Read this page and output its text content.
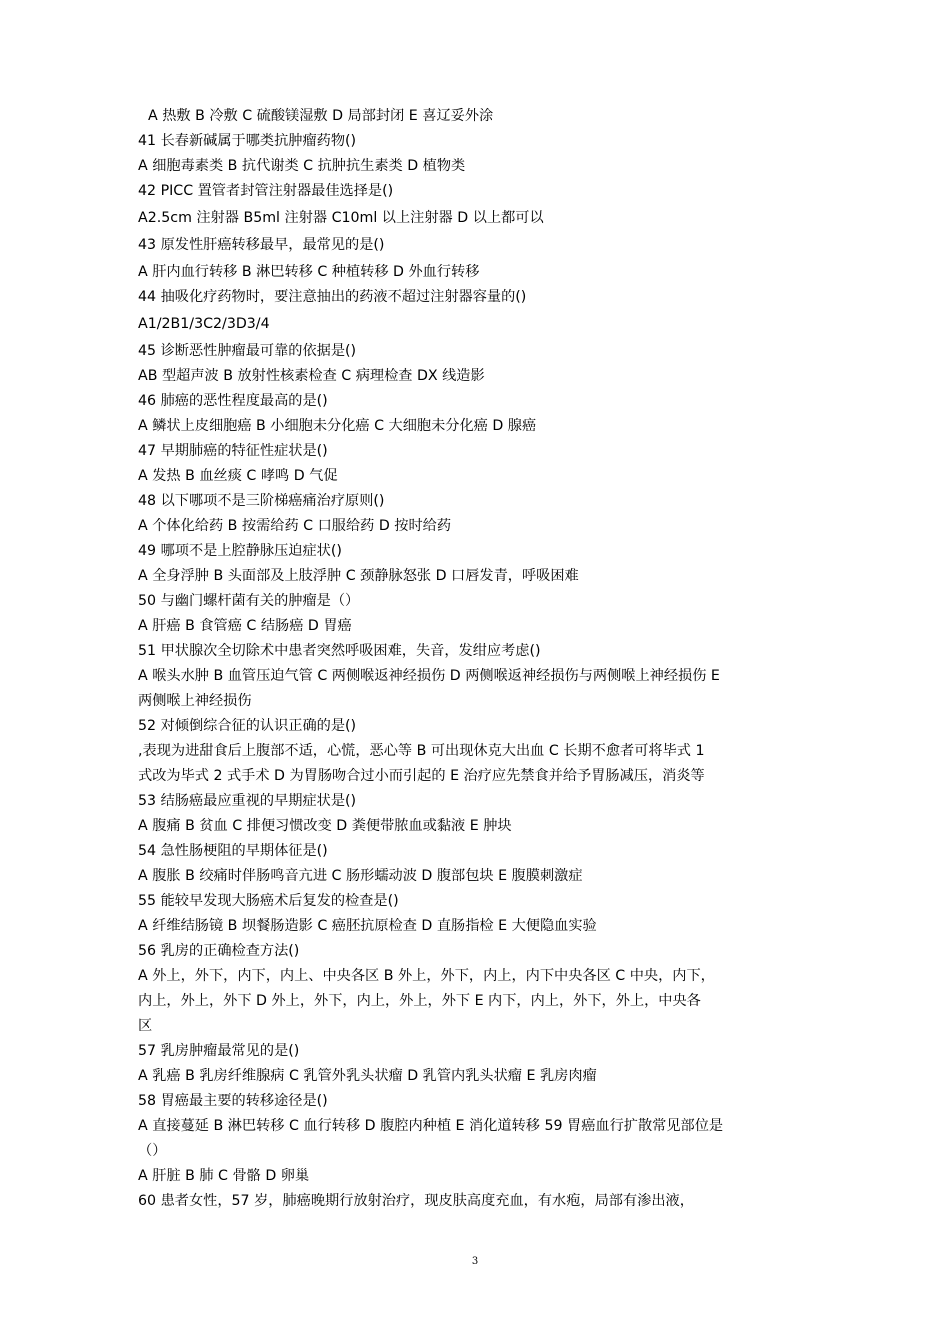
A 热敷 B 冷敷 C 硫酸镁湿敷 D 局部封闭 E 喜辽妥外涂
41 长春新碱属于哪类抗肿瘤药物()
A 细胞毒素类 B 抗代谢类 C 抗肿抗生素类 D 植物类
42 PICC 置管者封管注射器最佳选择是()
A2.5cm 注射器 B5ml 注射器 C10ml 以上注射器 D 以上都可以
43 原发性肝癌转移最早，最常见的是()
A 肝内血行转移 B 淋巴转移 C 种植转移 D 外血行转移
44 抽吸化疗药物时，要注意抽出的药液不超过注射器容量的()
A1/2B1/3C2/3D3/4
45 诊断恶性肿瘤最可靠的依据是()
AB 型超声波 B 放射性核素检查 C 病理检查 DX 线造影
46 肺癌的恶性程度最高的是()
A 鳞状上皮细胞癌 B 小细胞未分化癌 C 大细胞未分化癌 D 腺癌
47 早期肺癌的特征性症状是()
A 发热 B 血丝痰 C 哮鸣 D 气促
48 以下哪项不是三阶梯癌痛治疗原则()
A 个体化给药 B 按需给药 C 口服给药 D 按时给药
49 哪项不是上腔静脉压迫症状()
A 全身浮肿 B 头面部及上肢浮肿 C 颈静脉怒张 D 口唇发青，呼吸困难
50 与幽门螺杆菌有关的肿瘤是（）
A 肝癌 B 食管癌 C 结肠癌 D 胃癌
51 甲状腺次全切除术中患者突然呼吸困难，失音，发绀应考虑()
A 喉头水肿 B 血管压迫气管 C 两侧喉返神经损伤 D 两侧喉返神经损伤与两侧喉上神经损伤 E
两侧喉上神经损伤
52 对倾倒综合征的认识正确的是()
,表现为进甜食后上腹部不适，心慌，恶心等 B 可出现休克大出血 C 长期不愈者可将毕式 1
式改为毕式 2 式手术 D 为胃肠吻合过小而引起的 E 治疗应先禁食并给予胃肠减压，消炎等
53 结肠癌最应重视的早期症状是()
A 腹痛 B 贫血 C 排便习惯改变 D 粪便带脓血或黏液 E 肿块
54 急性肠梗阻的早期体征是()
A 腹胀 B 绞痛时伴肠鸣音亢进 C 肠形蠕动波 D 腹部包块 E 腹膜刺激症
55 能较早发现大肠癌术后复发的检查是()
A 纤维结肠镜 B 坝餐肠造影 C 癌胚抗原检查 D 直肠指检 E 大便隐血实验
56 乳房的正确检查方法()
A 外上，外下，内下，内上、中央各区 B 外上，外下，内上，内下中央各区 C 中央，内下，
内上，外上，外下 D 外上，外下，内上，外上，外下 E 内下，内上，外下，外上，中央各
区
57 乳房肿瘤最常见的是()
A 乳癌 B 乳房纤维腺病 C 乳管外乳头状瘤 D 乳管内乳头状瘤 E 乳房肉瘤
58 胃癌最主要的转移途径是()
A 直接蔓延 B 淋巴转移 C 血行转移 D 腹腔内种植 E 消化道转移 59 胃癌血行扩散常见部位是
（）
A 肝脏 B 肺 C 骨骼 D 卵巢
60 患者女性，57 岁，肺癌晚期行放射治疗，现皮肤高度充血，有水疱，局部有渗出液，
3
